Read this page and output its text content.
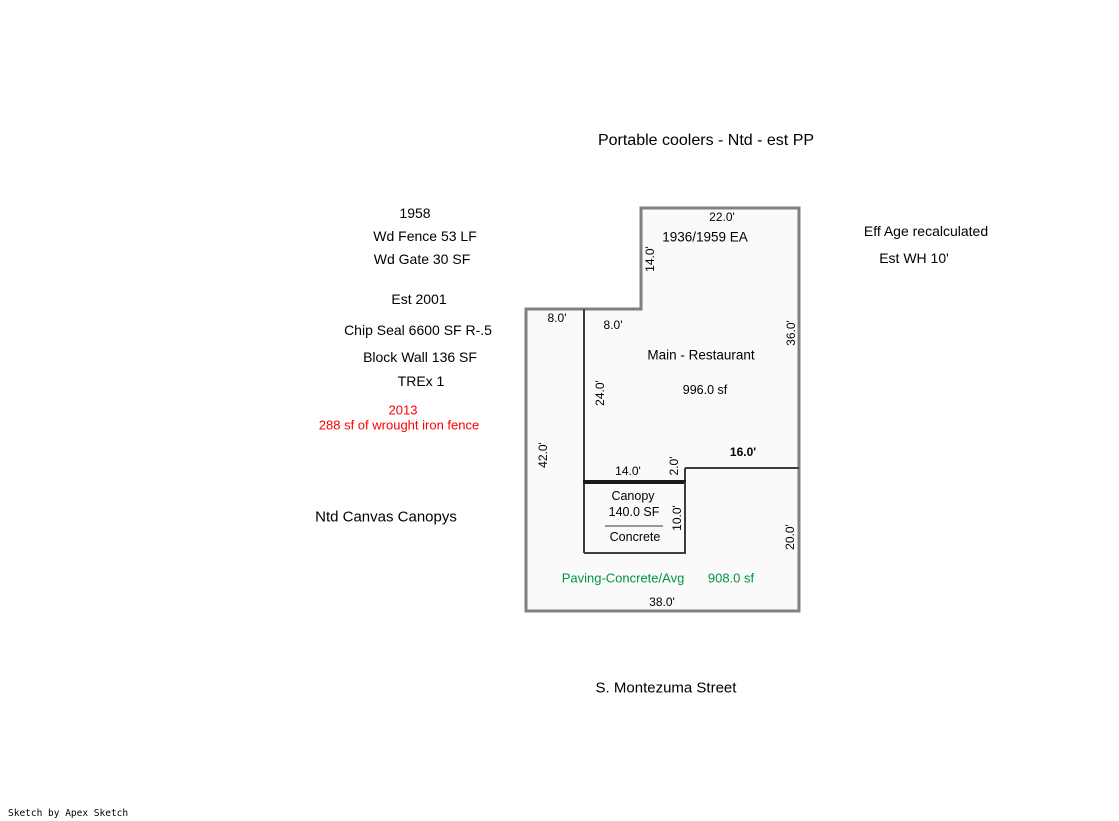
Portable coolers - Ntd - est PP
1958
Wd Fence 53 LF
Wd Gate 30 SF
Est 2001
Chip Seal 6600 SF R-.5
Block Wall 136 SF
TREx 1
2013
288 sf of wrought iron fence
Ntd Canvas Canopys
Eff Age recalculated
Est WH 10'
22.0'
1936/1959 EA
14.0'
8.0'	8.0'	36.0'
Main - Restaurant
996.0 sf
24.0'
42.0'	16.0'
14.0' 2.0'
Canopy
140.0 SF
Concrete
10.0'
20.0'
Paving-Concrete/Avg 908.0 sf
38.0'
S. Montezuma Street
Sketch by Apex Sketch
